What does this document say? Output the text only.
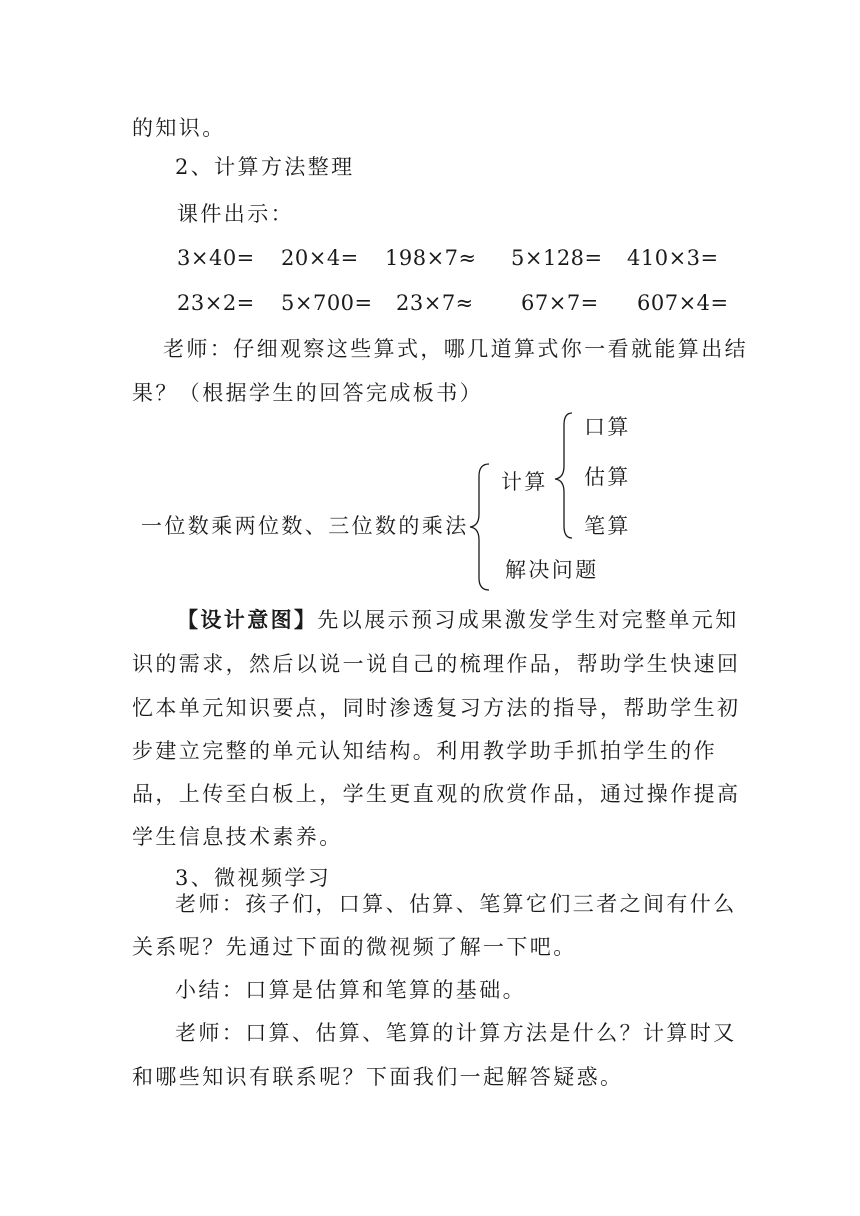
的知识。
2、计算方法整理
课件出示：
3×40= 20×4= 198×7≈ 5×128= 410×3=
23×2= 5×700= 23×7≈ 67×7= 607×4=
老师：仔细观察这些算式，哪几道算式你一看就能算出结
果？（根据学生的回答完成板书）
一位数乘两位数、三位数的乘法
计算
口算
估算
笔算
解决问题
【设计意图】先以展示预习成果激发学生对完整单元知
识的需求，然后以说一说自己的梳理作品，帮助学生快速回
忆本单元知识要点，同时渗透复习方法的指导，帮助学生初
步建立完整的单元认知结构。利用教学助手抓拍学生的作
品，上传至白板上，学生更直观的欣赏作品，通过操作提高
学生信息技术素养。
3、微视频学习
老师：孩子们，口算、估算、笔算它们三者之间有什么
关系呢？先通过下面的微视频了解一下吧。
小结：口算是估算和笔算的基础。
老师：口算、估算、笔算的计算方法是什么？计算时又
和哪些知识有联系呢？下面我们一起解答疑惑。
